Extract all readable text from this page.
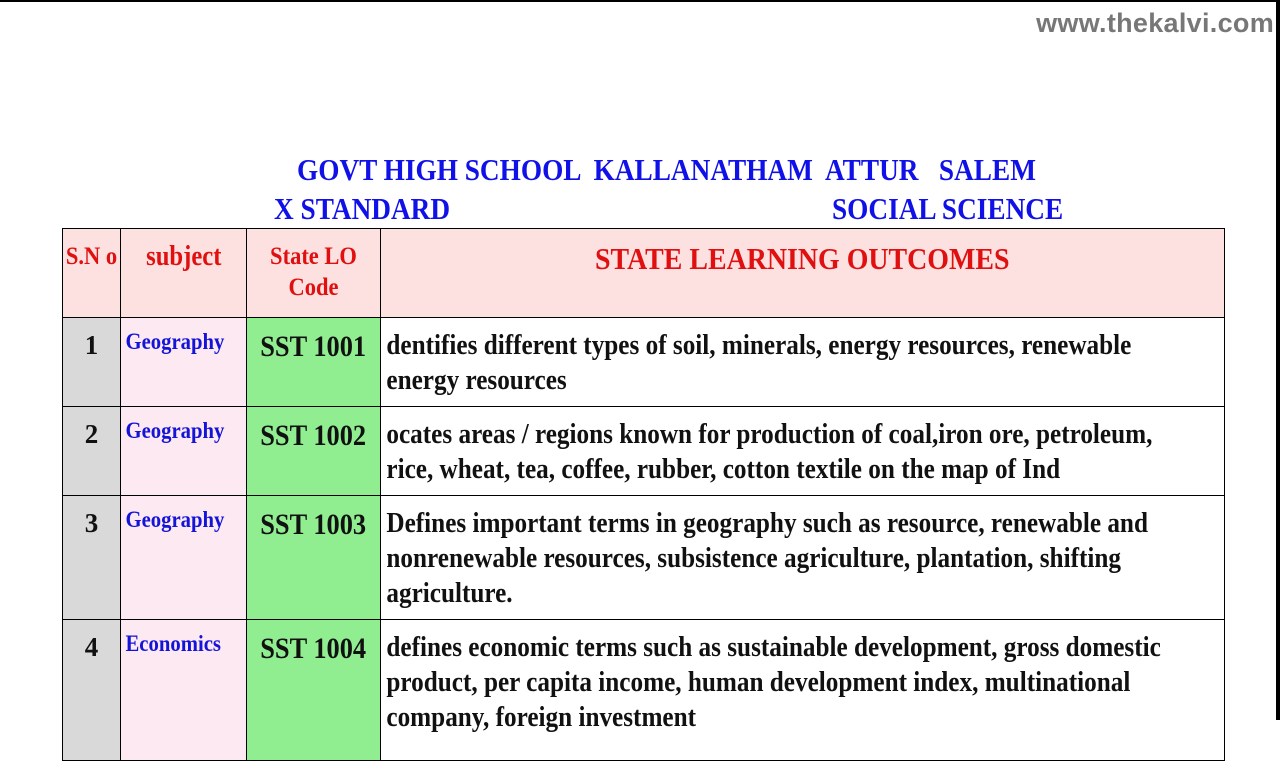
www.thekalvi.com
GOVT HIGH SCHOOL  KALLANATHAM  ATTUR   SALEM
X STANDARD	SOCIAL SCIENCE
S.N o	subject	State LO Code	STATE LEARNING OUTCOMES
1	Geography	SST 1001	dentifies different types of soil, minerals, energy resources, renewable energy resources

2	Geography	SST 1002	ocates areas / regions known for production of coal,iron ore, petroleum, rice, wheat, tea, coffee, rubber, cotton textile on the map of Ind

3	Geography	SST 1003	Defines important terms in geography such as resource, renewable and nonrenewable resources, subsistence agriculture, plantation, shifting agriculture.

4	Economics	SST 1004	defines economic terms such as sustainable development, gross domestic product, per capita income, human development index, multinational company, foreign investment
